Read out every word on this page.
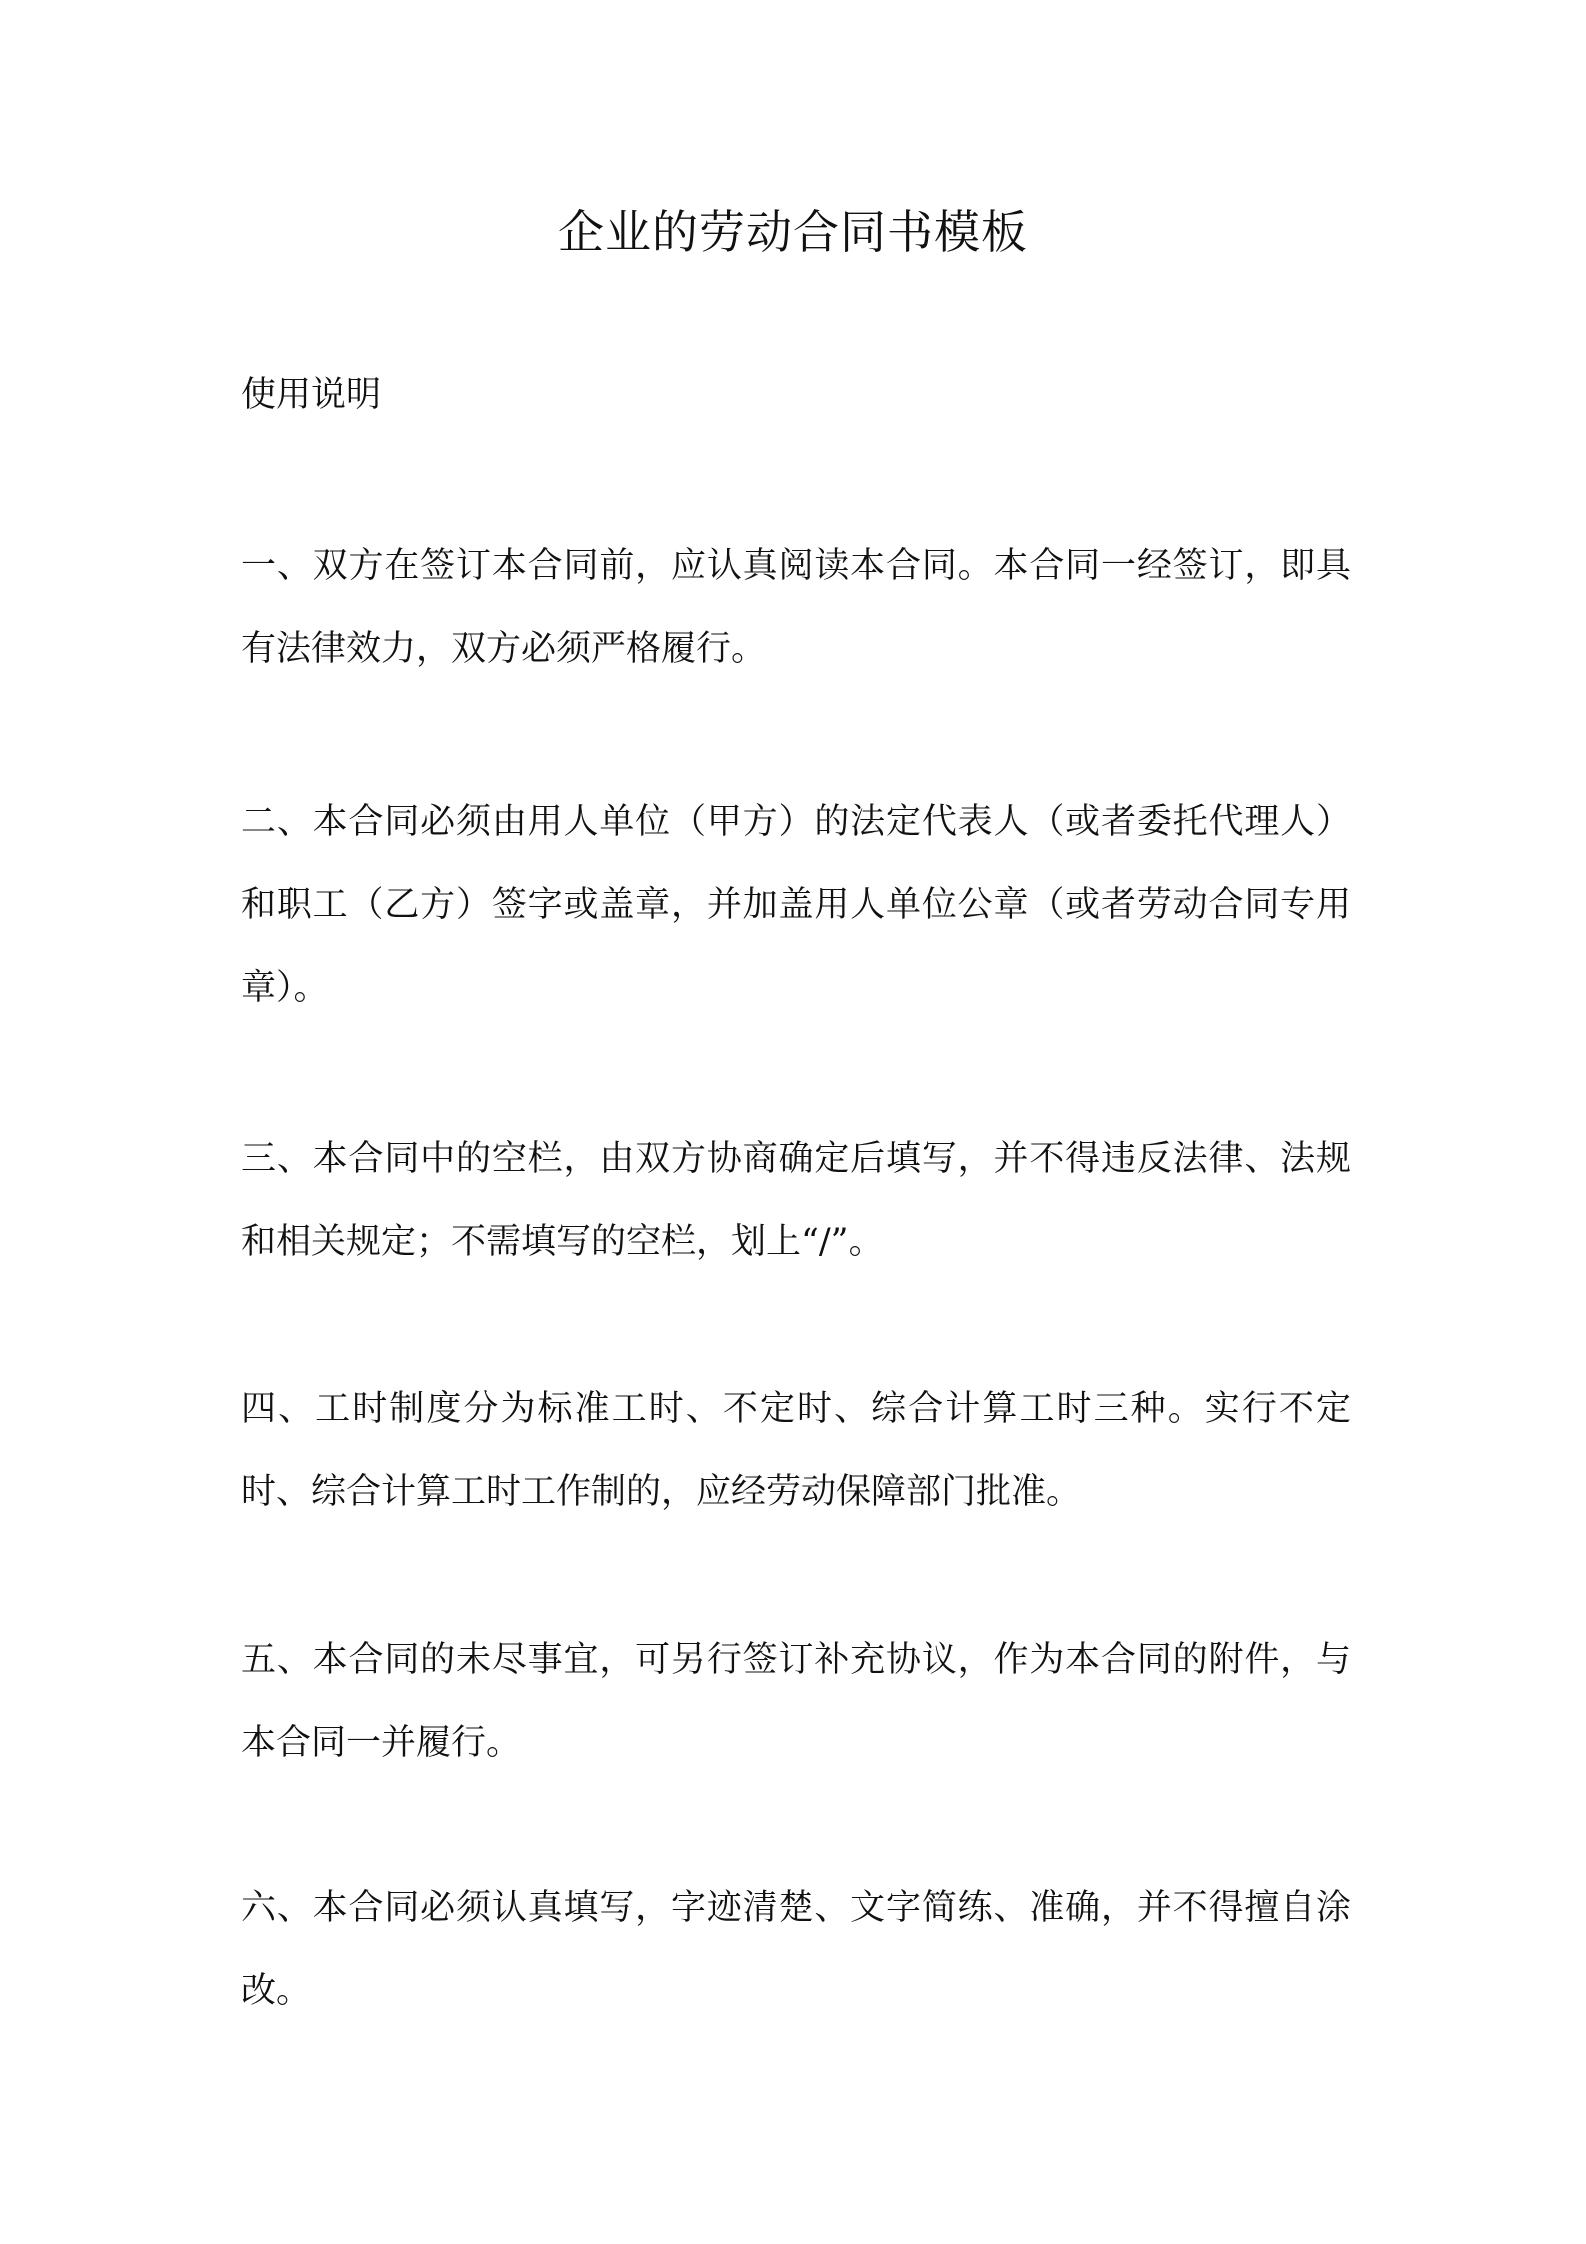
企业的劳动合同书模板

使用说明

一、双方在签订本合同前，应认真阅读本合同。本合同一经签订，即具有法律效力，双方必须严格履行。

二、本合同必须由用人单位（甲方）的法定代表人（或者委托代理人）和职工（乙方）签字或盖章，并加盖用人单位公章（或者劳动合同专用章）。

三、本合同中的空栏，由双方协商确定后填写，并不得违反法律、法规和相关规定；不需填写的空栏，划上“/”。

四、工时制度分为标准工时、不定时、综合计算工时三种。实行不定时、综合计算工时工作制的，应经劳动保障部门批准。

五、本合同的未尽事宜，可另行签订补充协议，作为本合同的附件，与本合同一并履行。

六、本合同必须认真填写，字迹清楚、文字简练、准确，并不得擅自涂改。
